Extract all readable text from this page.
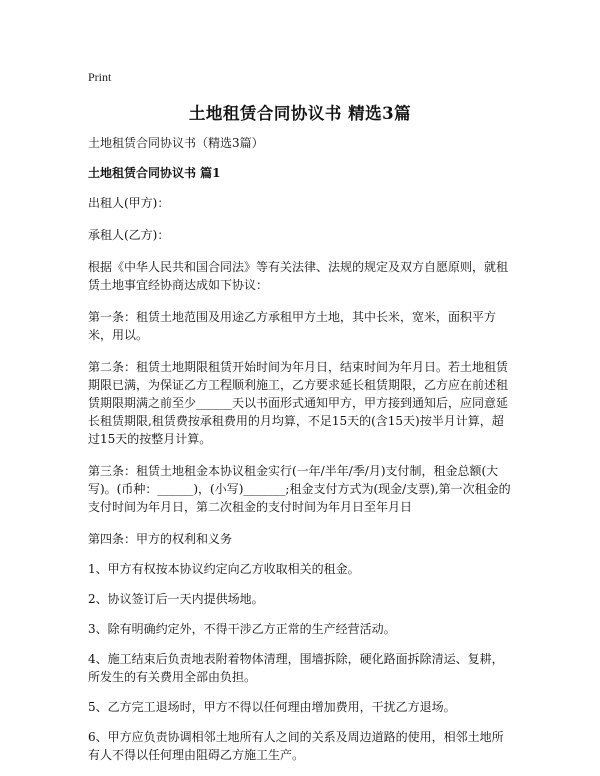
Print
土地租赁合同协议书 精选3篇

土地租赁合同协议书（精选3篇）

土地租赁合同协议书 篇1

出租人(甲方)：

承租人(乙方)：

根据《中华人民共和国合同法》等有关法律、法规的规定及双方自愿原则，就租赁土地事宜经协商达成如下协议：

第一条：租赁土地范围及用途乙方承租甲方土地，其中长米，宽米，面积平方米，用以。

第二条：租赁土地期限租赁开始时间为年月日，结束时间为年月日。若土地租赁期限已满，为保证乙方工程顺利施工，乙方要求延长租赁期限，乙方应在前述租赁期限期满之前至少______天以书面形式通知甲方，甲方接到通知后，应同意延长租赁期限,租赁费按承租费用的月均算，不足15天的(含15天)按半月计算，超过15天的按整月计算。

第三条：租赁土地租金本协议租金实行(一年/半年/季/月)支付制，租金总额(大写)。(币种：______)，(小写)_______;租金支付方式为(现金/支票),第一次租金的支付时间为年月日，第二次租金的支付时间为年月日至年月日

第四条：甲方的权利和义务

1、甲方有权按本协议约定向乙方收取相关的租金。

2、协议签订后一天内提供场地。

3、除有明确约定外，不得干涉乙方正常的生产经营活动。

4、施工结束后负责地表附着物体清理，围墙拆除，硬化路面拆除清运、复耕，所发生的有关费用全部由负担。

5、乙方完工退场时，甲方不得以任何理由增加费用，干扰乙方退场。

6、甲方应负责协调相邻土地所有人之间的关系及周边道路的使用，相邻土地所有人不得以任何理由阻碍乙方施工生产。
